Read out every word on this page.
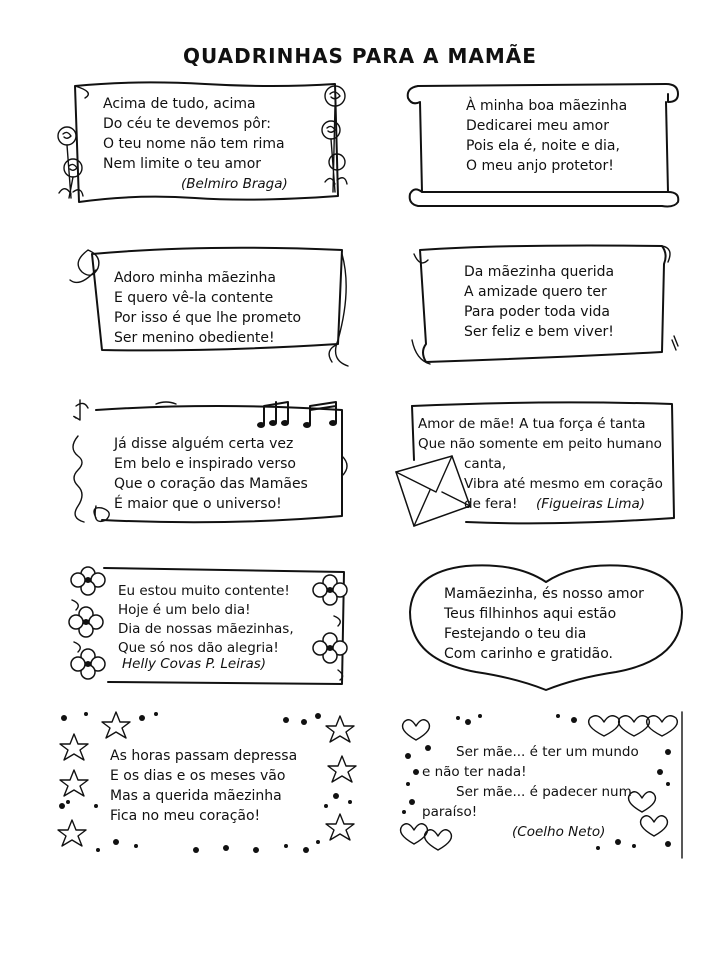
QUADRINHAS PARA A MAMÃE
Acima de tudo, acima
Do céu te devemos pôr:
O teu nome não tem rima
Nem limite o teu amor
(Belmiro Braga)
À minha boa mãezinha
Dedicarei meu amor
Pois ela é, noite e dia,
O meu anjo protetor!
Adoro minha mãezinha
E quero vê-la contente
Por isso é que lhe prometo
Ser menino obediente!
Da mãezinha querida
A amizade quero ter
Para poder toda vida
Ser feliz e bem viver!
Já disse alguém certa vez
Em belo e inspirado verso
Que o coração das Mamães
É maior que o universo!
Amor de mãe! A tua força é tanta
Que não somente em peito humano
canta,
Vibra até mesmo em coração
de fera!	(Figueiras Lima)
Eu estou muito contente!
Hoje é um belo dia!
Dia de nossas mãezinhas,
Que só nos dão alegria!
Helly Covas P. Leiras)
Mamãezinha, és nosso amor
Teus filhinhos aqui estão
Festejando o teu dia
Com carinho e gratidão.
As horas passam depressa
E os dias e os meses vão
Mas a querida mãezinha
Fica no meu coração!
Ser mãe... é ter um mundo
e não ter nada!
Ser mãe... é padecer num
paraíso!
(Coelho Neto)
